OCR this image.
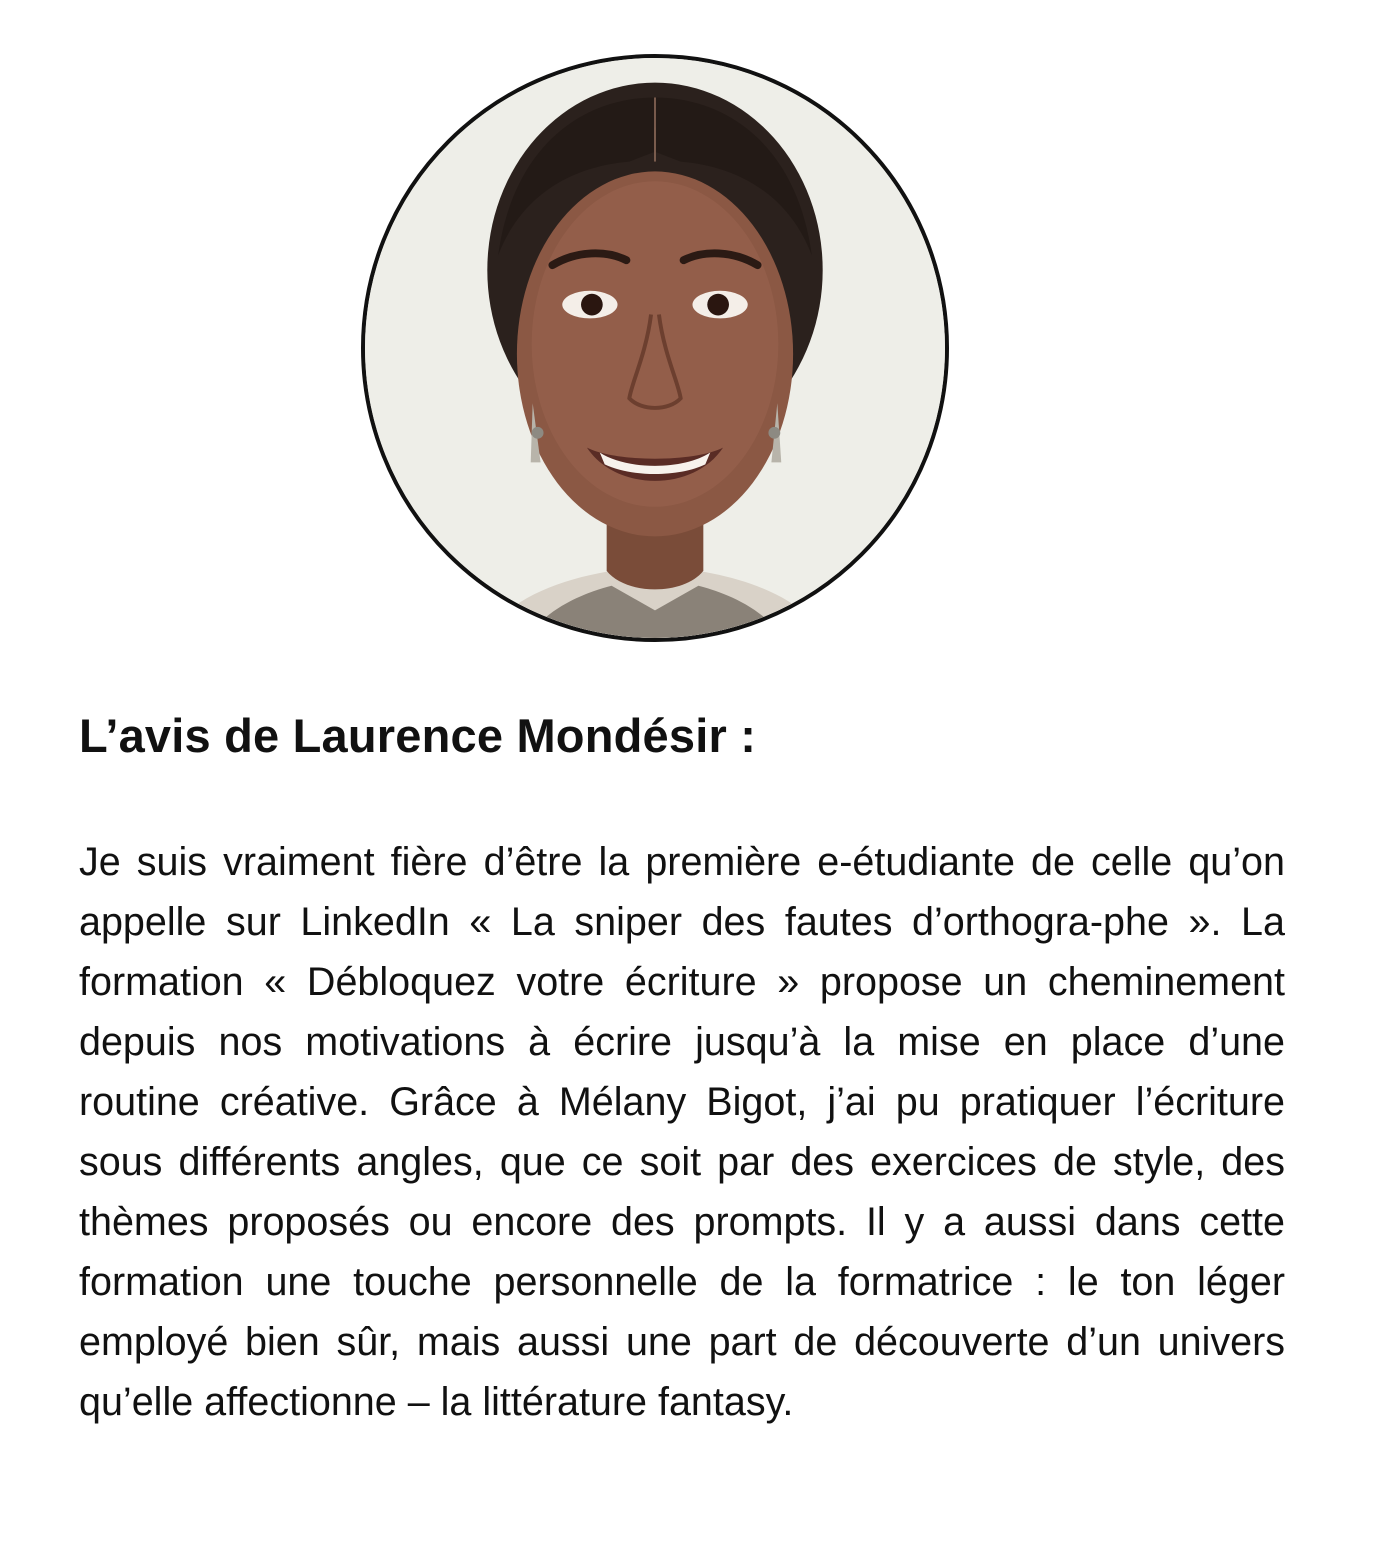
L’avis de Laurence Mondésir :

Je suis vraiment fière d’être la première e-étudiante de celle qu’on appelle sur LinkedIn « La sniper des fautes d’orthogra-phe ». La formation « Débloquez votre écriture » propose un cheminement depuis nos motivations à écrire jusqu’à la mise en place d’une routine créative. Grâce à Mélany Bigot, j’ai pu pratiquer l’écriture sous différents angles, que ce soit par des exercices de style, des thèmes proposés ou encore des prompts. Il y a aussi dans cette formation une touche personnelle de la formatrice : le ton léger employé bien sûr, mais aussi une part de découverte d’un univers qu’elle affectionne – la littérature fantasy.
